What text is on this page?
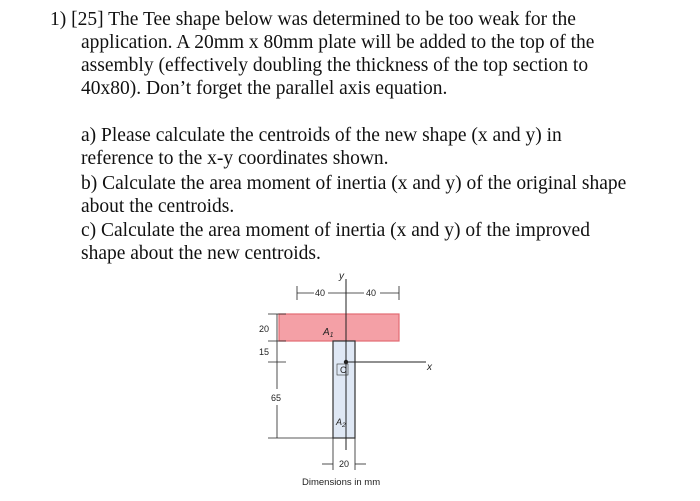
1) [25] The Tee shape below was determined to be too weak for the
application. A 20mm x 80mm plate will be added to the top of the
assembly (effectively doubling the thickness of the top section to
40x80). Don’t forget the parallel axis equation.
a) Please calculate the centroids of the new shape (x and y) in
reference to the x-y coordinates shown.
b) Calculate the area moment of inertia (x and y) of the original shape
about the centroids.
c) Calculate the area moment of inertia (x and y) of the improved
shape about the new centroids.
y
x
C
$A_1$
$A_2$
40	40
20
15
65
20
Dimensions in mm
